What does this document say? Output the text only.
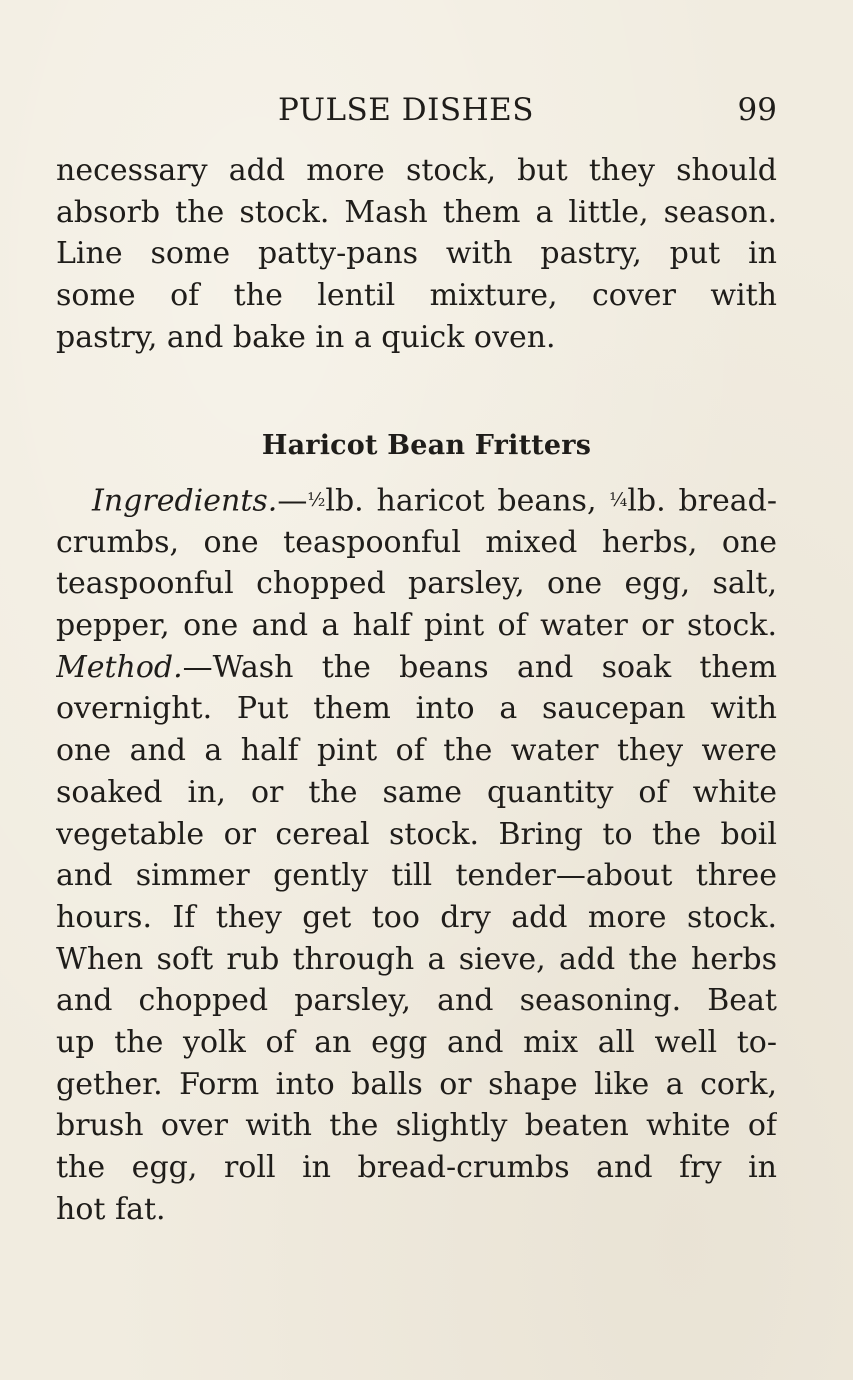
PULSE DISHES	99
necessary add more stock, but they should
absorb the stock. Mash them a little, season.
Line some patty-pans with pastry, put in
some of the lentil mixture, cover with
pastry, and bake in a quick oven.
Haricot Bean Fritters
Ingredients.—½lb. haricot beans, ¼lb. bread-
crumbs, one teaspoonful mixed herbs, one
teaspoonful chopped parsley, one egg, salt,
pepper, one and a half pint of water or stock.
Method.—Wash the beans and soak them
overnight. Put them into a saucepan with
one and a half pint of the water they were
soaked in, or the same quantity of white
vegetable or cereal stock. Bring to the boil
and simmer gently till tender—about three
hours. If they get too dry add more stock.
When soft rub through a sieve, add the herbs
and chopped parsley, and seasoning. Beat
up the yolk of an egg and mix all well to-
gether. Form into balls or shape like a cork,
brush over with the slightly beaten white of
the egg, roll in bread-crumbs and fry in
hot fat.
